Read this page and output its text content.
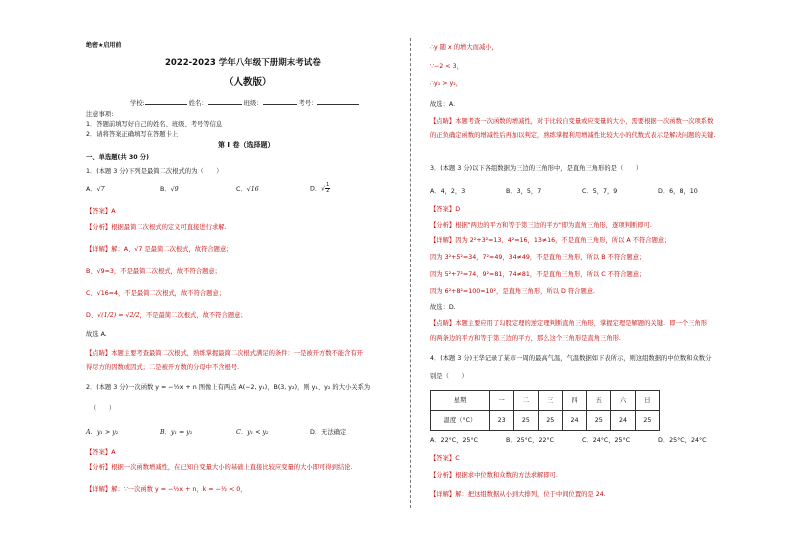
绝密★启用前
2022-2023 学年八年级下册期末考试卷
（人教版）
学校:	姓名：	班级：	考号：
注意事项:
1．答题前填写好自己的姓名、班级、考号等信息
2．请将答案正确填写在答题卡上
第 I 卷（选择题）
一、单选题(共 30 分)
1．(本题 3 分)下列是最简二次根式的为（　　）
A．√7	B．√9	C．√16	D．√ $\frac{1}{2}$
【答案】A
【分析】根据最简二次根式的定义可直接进行求解.
【详解】解：A、√7 是最简二次根式，故符合题意；
B、√9=3，不是最简二次根式，故不符合题意；
C、√16=4，不是最简二次根式，故不符合题意；
D、√(1/2) = √2/2，不是最简二次根式，故不符合题意；
故选 A.
【点睛】本题主要考查最简二次根式，熟练掌握最简二次根式满足的条件：一是被开方数不能含有开
得尽方的因数或因式；二是被开方数的分母中不含根号.
2．(本题 3 分)一次函数 y = −½x + n 图像上有两点 A(−2, y₁)，B(3, y₂)，则 y₁、y₂ 的大小关系为
（　　）
A．y₁ > y₂	B．y₁ = y₂	C．y₁ < y₂	D．无法确定
【答案】A
【分析】根据一次函数增减性，在已知自变量大小的基础上直接比较应变量的大小即可得到结论.
【详解】解：∵一次函数 y = −½x + n，k = −½ < 0，
∴y 随 x 的增大而减小，
∵−2 < 3，
∴y₁ > y₂，
故选：A.
【点睛】本题考查一次函数的增减性，对于比较自变量或应变量的大小，需要根据一次函数一次项系数
的正负确定函数的增减性后再加以判定，熟练掌握利用增减性比较大小的代数式表示是解决问题的关键.
3．(本题 3 分)以下各组数据为三边的三角形中，是直角三角形的是（　　）
A．4，2，3	B．3，5，7	C．5，7，9	D．6，8，10
【答案】D
【分析】根据"两边的平方和等于第三边的平方"即为直角三角形，逐项判断即可.
【详解】因为 2²+3²=13，4²=16，13≠16，不是直角三角形，所以 A 不符合题意；
因为 3²+5²=34，7²=49，34≠49，不是直角三角形，所以 B 不符合题意；
因为 5²+7²=74，9²=81，74≠81，不是直角三角形，所以 C 不符合题意；
因为 6²+8²=100=10²，是直角三角形，所以 D 符合题意.
故选：D.
【点睛】本题主要应用了勾股定理的逆定理判断直角三角形，掌握定理是解题的关键．即一个三角形
的两条边的平方和等于第三边的平方，那么这个三角形是直角三角形.
4．(本题 3 分)王华记录了某市一周的最高气温，气温数据如下表所示，则这组数据的中位数和众数分
别是（　　）
星期	一	二	三	四	五	六	日
温度（°C）	23	25	25	24	25	24	25
A．22°C，25°C	B．25°C，22°C	C．24°C，25°C	D．25°C，24°C
【答案】C
【分析】根据求中位数和众数的方法求解即可.
【详解】解：把这组数据从小到大排列，位于中间位置的是 24.
